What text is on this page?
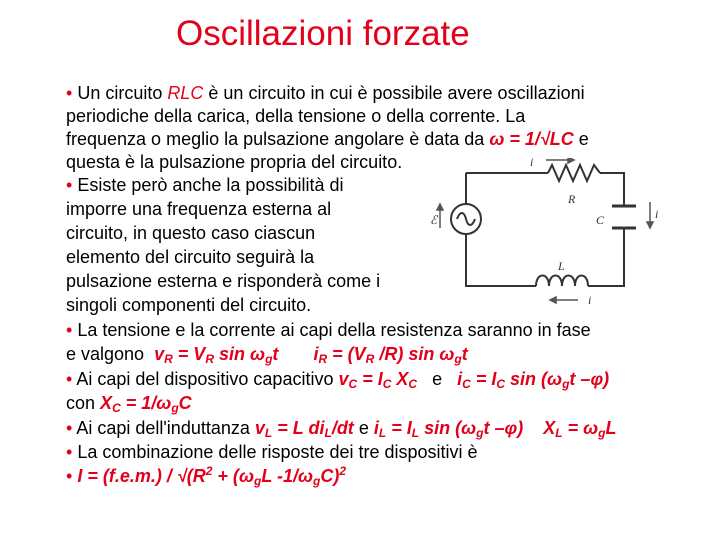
Oscillazioni forzate
• Un circuito RLC è un circuito in cui è possibile avere oscillazioni
periodiche della carica, della tensione o della corrente. La
frequenza o meglio la pulsazione angolare è data da ω = 1/√LC e
questa è la pulsazione propria del circuito.
• Esiste però anche la possibilità di
imporre una frequenza esterna al
circuito, in questo caso ciascun
elemento del circuito seguirà la
pulsazione esterna e risponderà come i
singoli componenti del circuito.
• La tensione e la corrente ai capi della resistenza saranno in fase
e valgono $v_R = V_R$ $\sin \omega_gt$ $i_R = (V_R$ /R) $\sin \omega_gt$
• Ai capi del dispositivo capacitivo $v_C = I_C$ $X_C$ e $i_C = I_C$ $\sin (\omega_gt$ –φ)
con $X_C = 1/\omega_gC$
• Ai capi dell'induttanza $v_L = L$ $di_L/dt$ e $i_L = I_L$ $\sin (\omega_gt$ –φ) $X_L = \omega_gL$
• La combinazione delle risposte dei tre dispositivi è
• $I = (f.e.m.) / √(R^2 + (\omega_gL$ $-1/\omega_gC)^2$
i
R
C	i
L
i
ℰ
